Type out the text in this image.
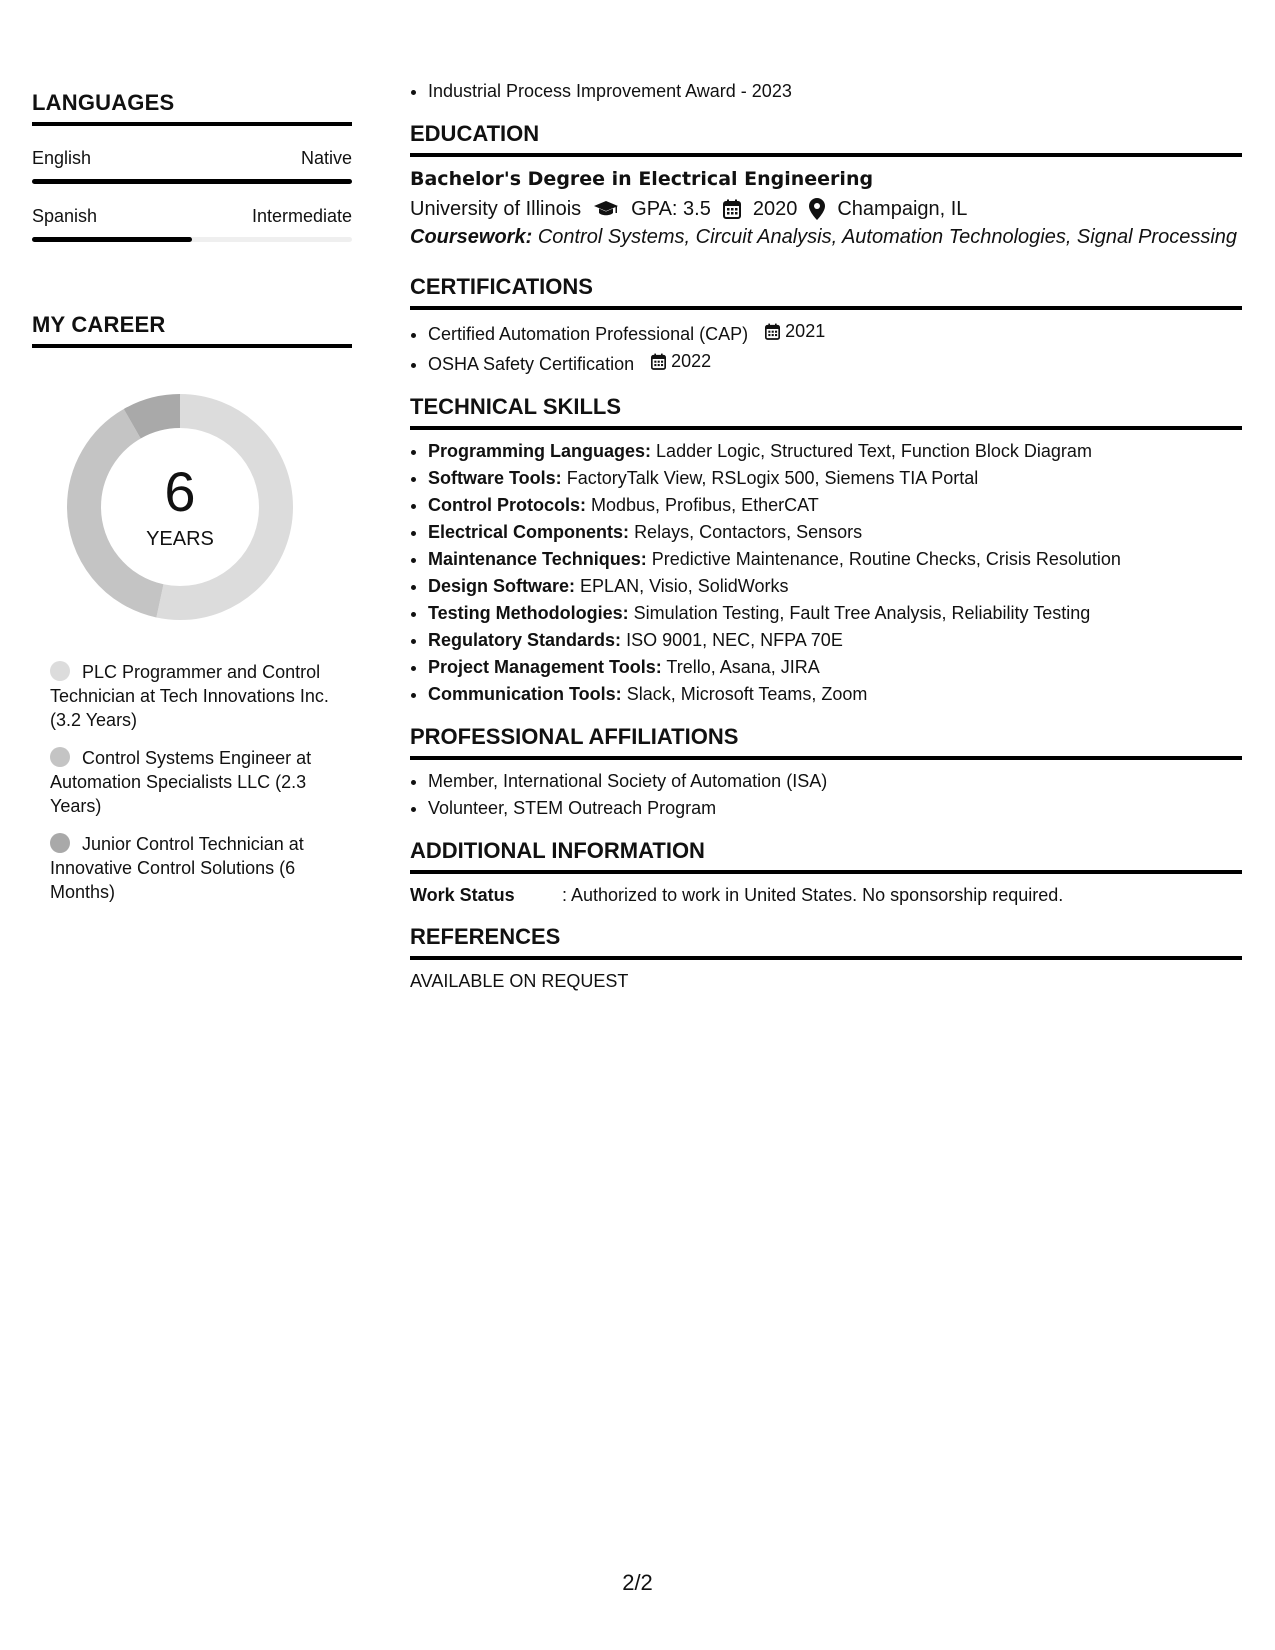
LANGUAGES
English	Native
Spanish	Intermediate
MY CAREER
6
YEARS
PLC Programmer and Control Technician at Tech Innovations Inc. (3.2 Years)
Control Systems Engineer at Automation Specialists LLC (2.3 Years)
Junior Control Technician at Innovative Control Solutions (6 Months)
• Industrial Process Improvement Award - 2023
EDUCATION
Bachelor's Degree in Electrical Engineering
University of Illinois	GPA: 3.5 2020 Champaign, IL
Coursework: Control Systems, Circuit Analysis, Automation Technologies, Signal Processing
CERTIFICATIONS
• Certified Automation Professional (CAP) 2021
• OSHA Safety Certification 2022
TECHNICAL SKILLS
• Programming Languages: Ladder Logic, Structured Text, Function Block Diagram
• Software Tools: FactoryTalk View, RSLogix 500, Siemens TIA Portal
• Control Protocols: Modbus, Profibus, EtherCAT
• Electrical Components: Relays, Contactors, Sensors
• Maintenance Techniques: Predictive Maintenance, Routine Checks, Crisis Resolution
• Design Software: EPLAN, Visio, SolidWorks
• Testing Methodologies: Simulation Testing, Fault Tree Analysis, Reliability Testing
• Regulatory Standards: ISO 9001, NEC, NFPA 70E
• Project Management Tools: Trello, Asana, JIRA
• Communication Tools: Slack, Microsoft Teams, Zoom
PROFESSIONAL AFFILIATIONS
• Member, International Society of Automation (ISA)
• Volunteer, STEM Outreach Program
ADDITIONAL INFORMATION
Work Status	: Authorized to work in United States. No sponsorship required.
REFERENCES
AVAILABLE ON REQUEST
2/2
